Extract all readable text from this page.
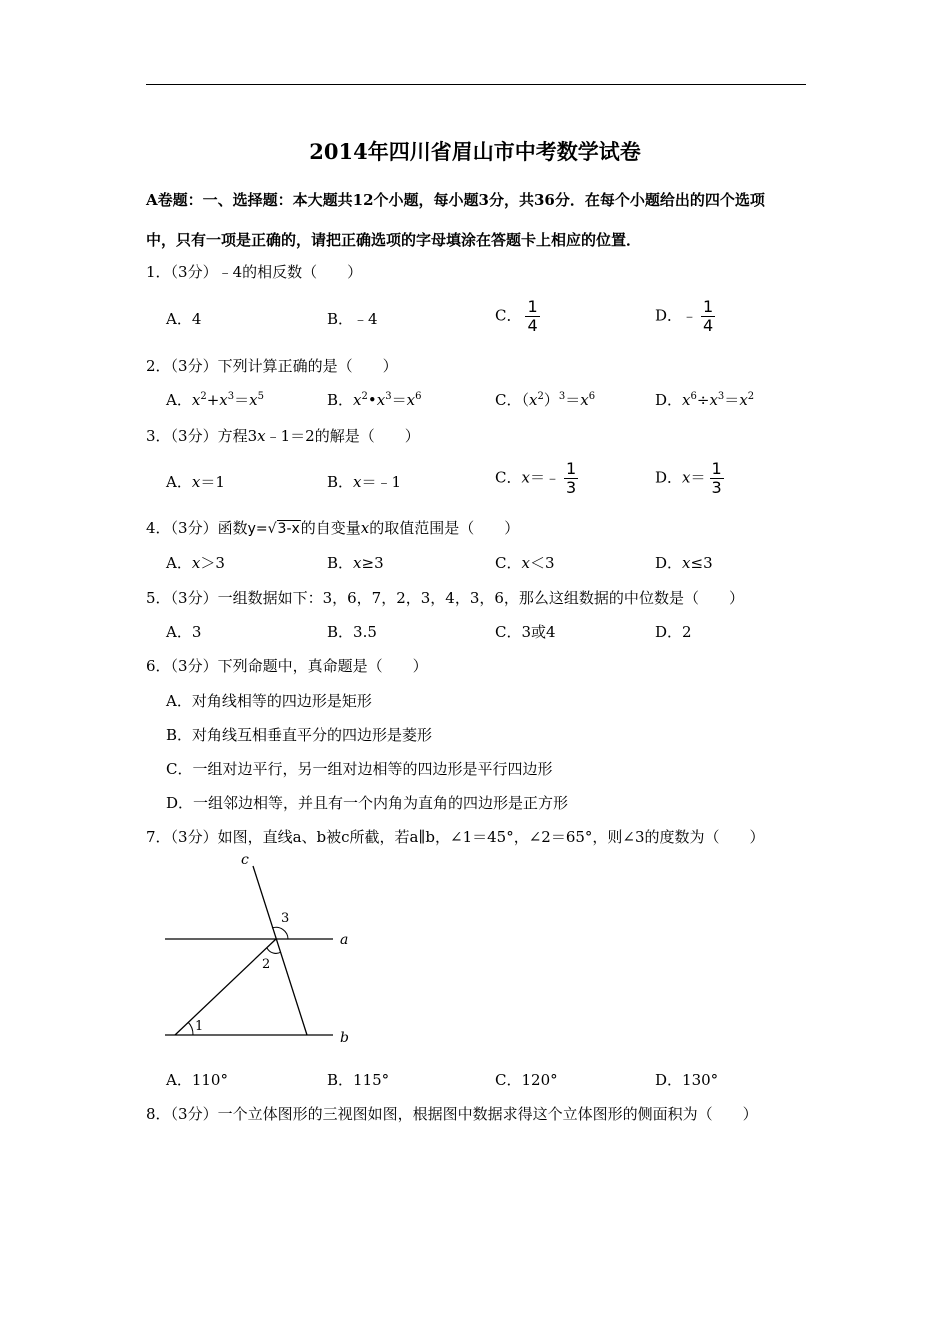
2014年四川省眉山市中考数学试卷
A卷题：一、选择题：本大题共12个小题，每小题3分，共36分．在每个小题给出的四个选项
中，只有一项是正确的，请把正确选项的字母填涂在答题卡上相应的位置．
1．（3分）﹣4的相反数（　　）
A．4	B．﹣4	C． $\frac{1}{4}$	D．﹣ $\frac{1}{4}$
2．（3分）下列计算正确的是（　　）
A．$x^2+x^3=x^5$	B．$x^2•x^3=x^6$	C．$(x^2)^3=x^6$	D．$x^6\div x^3=x^2$
3．（3分）方程3x﹣1＝2的解是（　　）
A．x＝1	B．x＝﹣1	C．x＝﹣ $\frac{1}{3}$	D．$x= \frac{1}{3}$
4．（3分）函数y=√3-x的自变量x的取值范围是（　　）
A．x＞3	B．x≥3	C．x＜3	D．x≤3
5．（3分）一组数据如下：3，6，7，2，3，4，3，6，那么这组数据的中位数是（　　）
A．3	B．3.5	C．3或4	D．2
6．（3分）下列命题中，真命题是（　　）
A．对角线相等的四边形是矩形
B．对角线互相垂直平分的四边形是菱形
C．一组对边平行，另一组对边相等的四边形是平行四边形
D．一组邻边相等，并且有一个内角为直角的四边形是正方形
7．（3分）如图，直线a、b被c所截，若a∥b，∠1＝45°，∠2＝65°，则∠3的度数为（　　）
c
a
b
1
2
3
A．110°	B．115°	C．120°	D．130°
8．（3分）一个立体图形的三视图如图，根据图中数据求得这个立体图形的侧面积为（　　）
